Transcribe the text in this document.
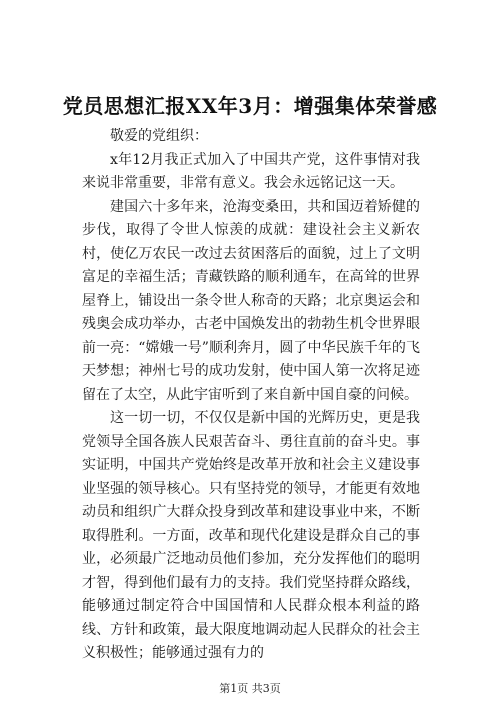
党员思想汇报XX年3月：增强集体荣誉感

敬爱的党组织：

x年12月我正式加入了中国共产党，这件事情对我来说非常重要，非常有意义。我会永远铭记这一天。

建国六十多年来，沧海变桑田，共和国迈着矫健的步伐，取得了令世人惊羡的成就：建设社会主义新农村，使亿万农民一改过去贫困落后的面貌，过上了文明富足的幸福生活；青藏铁路的顺利通车，在高耸的世界屋脊上，铺设出一条令世人称奇的天路；北京奥运会和残奥会成功举办，古老中国焕发出的勃勃生机令世界眼前一亮：“嫦娥一号”顺利奔月，圆了中华民族千年的飞天梦想；神州七号的成功发射，使中国人第一次将足迹留在了太空，从此宇宙听到了来自新中国自豪的问候。

这一切一切，不仅仅是新中国的光辉历史，更是我党领导全国各族人民艰苦奋斗、勇往直前的奋斗史。事实证明，中国共产党始终是改革开放和社会主义建设事业坚强的领导核心。只有坚持党的领导，才能更有效地动员和组织广大群众投身到改革和建设事业中来，不断取得胜利。一方面，改革和现代化建设是群众自己的事业，必须最广泛地动员他们参加，充分发挥他们的聪明才智，得到他们最有力的支持。我们党坚持群众路线，能够通过制定符合中国国情和人民群众根本利益的路线、方针和政策，最大限度地调动起人民群众的社会主义积极性；能够通过强有力的

第1页 共3页
